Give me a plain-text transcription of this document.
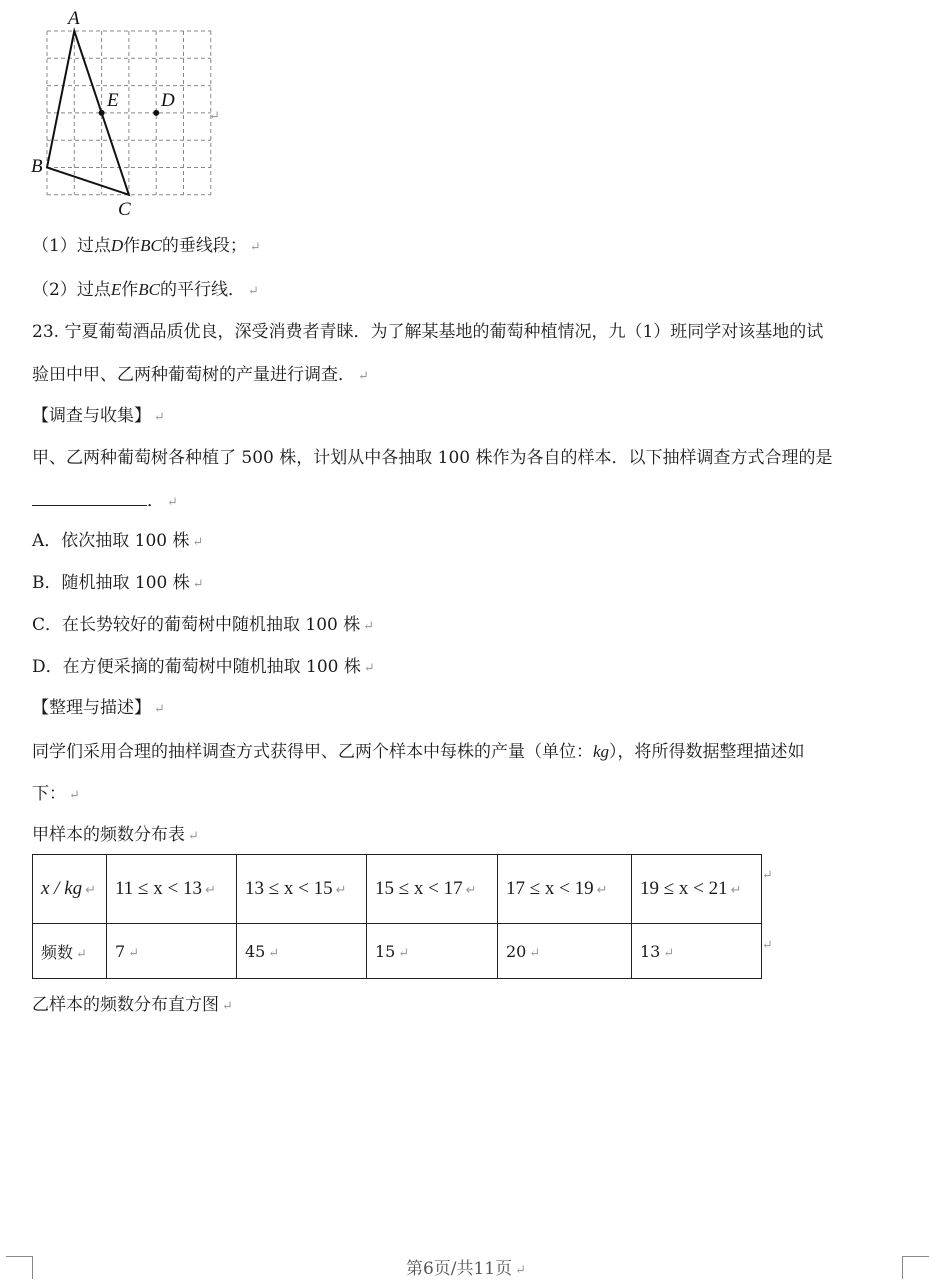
A
B
C
E D
↵
（1）过点D作BC的垂线段； ↵
（2）过点E作BC的平行线． ↵
23. 宁夏葡萄酒品质优良，深受消费者青睐．为了解某基地的葡萄种植情况，九（1）班同学对该基地的试
验田中甲、乙两种葡萄树的产量进行调查． ↵
【调查与收集】 ↵
甲、乙两种葡萄树各种植了 500 株，计划从中各抽取 100 株作为各自的样本．以下抽样调查方式合理的是
． ↵
A．依次抽取 100 株 ↵
B．随机抽取 100 株 ↵
C．在长势较好的葡萄树中随机抽取 100 株 ↵
D．在方便采摘的葡萄树中随机抽取 100 株 ↵
【整理与描述】 ↵
同学们采用合理的抽样调查方式获得甲、乙两个样本中每株的产量（单位：kg），将所得数据整理描述如
下： ↵
甲样本的频数分布表 ↵
x / kg ↵	11 ≤ x < 13 ↵	13 ≤ x < 15 ↵	15 ≤ x < 17 ↵	17 ≤ x < 19 ↵	19 ≤ x < 21 ↵
频数 ↵	7 ↵	45 ↵	15 ↵	20 ↵	13 ↵
↵
↵
乙样本的频数分布直方图 ↵
第6页/共11页 ↵
